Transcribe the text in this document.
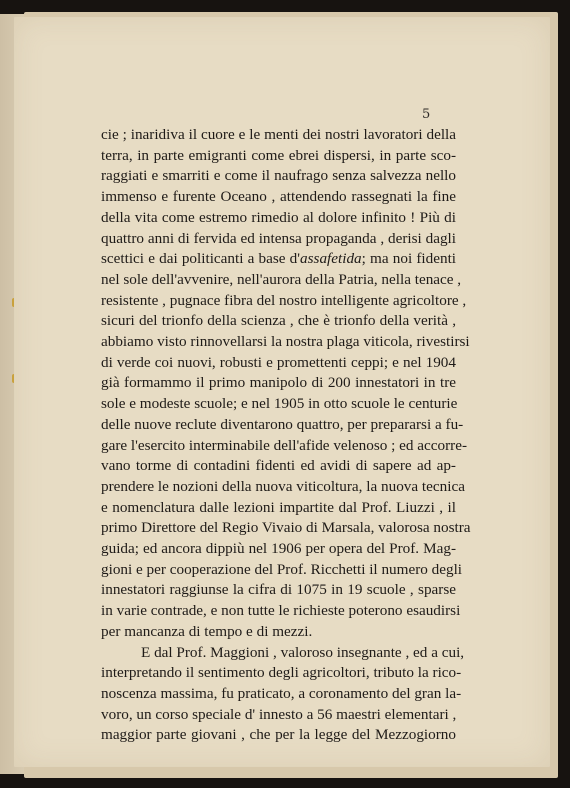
5
cie ; inaridiva il cuore e le menti dei nostri lavoratori della
terra, in parte emigranti come ebrei dispersi, in parte sco-
raggiati e smarriti e come il naufrago senza salvezza nello
immenso e furente Oceano , attendendo rassegnati la fine
della vita come estremo rimedio al dolore infinito ! Più di
quattro anni di fervida ed intensa propaganda , derisi dagli
scettici e dai politicanti a base d'assafetida; ma noi fidenti
nel sole dell'avvenire, nell'aurora della Patria, nella tenace ,
resistente , pugnace fibra del nostro intelligente agricoltore ,
sicuri del trionfo della scienza , che è trionfo della verità ,
abbiamo visto rinnovellarsi la nostra plaga viticola, rivestirsi
di verde coi nuovi, robusti e promettenti ceppi; e nel 1904
già formammo il primo manipolo di 200 innestatori in tre
sole e modeste scuole; e nel 1905 in otto scuole le centurie
delle nuove reclute diventarono quattro, per prepararsi a fu-
gare l'esercito interminabile dell'afide velenoso ; ed accorre-
vano torme di contadini fidenti ed avidi di sapere ad ap-
prendere le nozioni della nuova viticoltura, la nuova tecnica
e nomenclatura dalle lezioni impartite dal Prof. Liuzzi , il
primo Direttore del Regio Vivaio di Marsala, valorosa nostra
guida; ed ancora dippiù nel 1906 per opera del Prof. Mag-
gioni e per cooperazione del Prof. Ricchetti il numero degli
innestatori raggiunse la cifra di 1075 in 19 scuole , sparse
in varie contrade, e non tutte le richieste poterono esaudirsi
per mancanza di tempo e di mezzi.
E dal Prof. Maggioni , valoroso insegnante , ed a cui,
interpretando il sentimento degli agricoltori, tributo la rico-
noscenza massima, fu praticato, a coronamento del gran la-
voro, un corso speciale d' innesto a 56 maestri elementari ,
maggior parte giovani , che per la legge del Mezzogiorno
